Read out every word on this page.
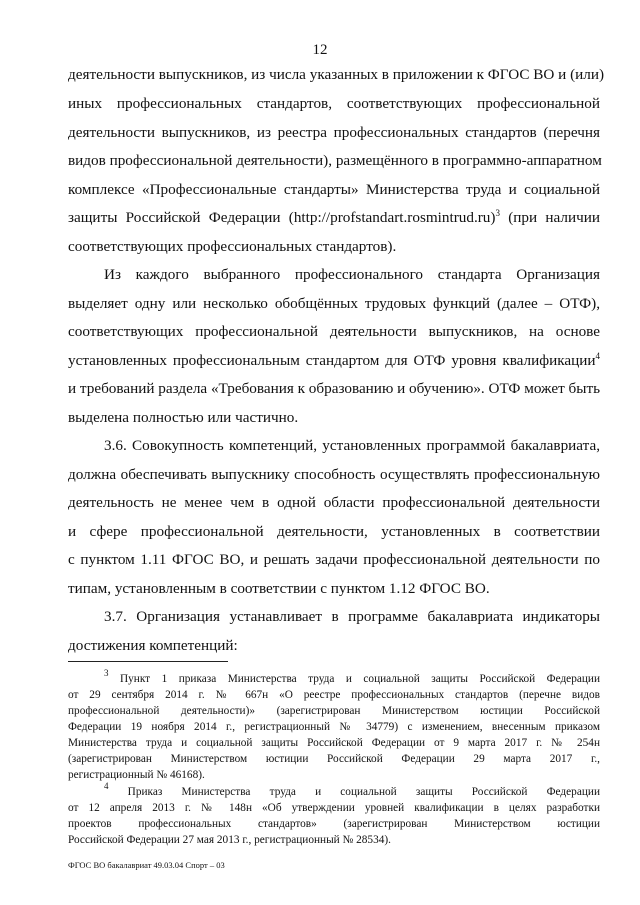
12
деятельности выпускников, из числа указанных в приложении к ФГОС ВО и (или)
иных профессиональных стандартов, соответствующих профессиональной
деятельности выпускников, из реестра профессиональных стандартов (перечня
видов профессиональной деятельности), размещённого в программно-аппаратном
комплексе «Профессиональные стандарты» Министерства труда и социальной
защиты Российской Федерации (http://profstandart.rosmintrud.ru)$^3$ (при наличии
соответствующих профессиональных стандартов).
Из каждого выбранного профессионального стандарта Организация
выделяет одну или несколько обобщённых трудовых функций (далее – ОТФ),
соответствующих профессиональной деятельности выпускников, на основе
установленных профессиональным стандартом для ОТФ уровня квалификации$^4$
и требований раздела «Требования к образованию и обучению». ОТФ может быть
выделена полностью или частично.
3.6. Совокупность компетенций, установленных программой бакалавриата,
должна обеспечивать выпускнику способность осуществлять профессиональную
деятельность не менее чем в одной области профессиональной деятельности
и сфере профессиональной деятельности, установленных в соответствии
с пунктом 1.11 ФГОС ВО, и решать задачи профессиональной деятельности по
типам, установленным в соответствии с пунктом 1.12 ФГОС ВО.
3.7. Организация устанавливает в программе бакалавриата индикаторы
достижения компетенций:
$^3$ Пункт 1 приказа Министерства труда и социальной защиты Российской Федерации
от 29 сентября 2014 г. № 667н «О реестре профессиональных стандартов (перечне видов
профессиональной деятельности)» (зарегистрирован Министерством юстиции Российской
Федерации 19 ноября 2014 г., регистрационный № 34779) с изменением, внесенным приказом
Министерства труда и социальной защиты Российской Федерации от 9 марта 2017 г. № 254н
(зарегистрирован Министерством юстиции Российской Федерации 29 марта 2017 г.,
регистрационный № 46168).
$^4$ Приказ Министерства труда и социальной защиты Российской Федерации
от 12 апреля 2013 г. № 148н «Об утверждении уровней квалификации в целях разработки
проектов профессиональных стандартов» (зарегистрирован Министерством юстиции
Российской Федерации 27 мая 2013 г., регистрационный № 28534).
ФГОС ВО бакалавриат 49.03.04 Спорт – 03
